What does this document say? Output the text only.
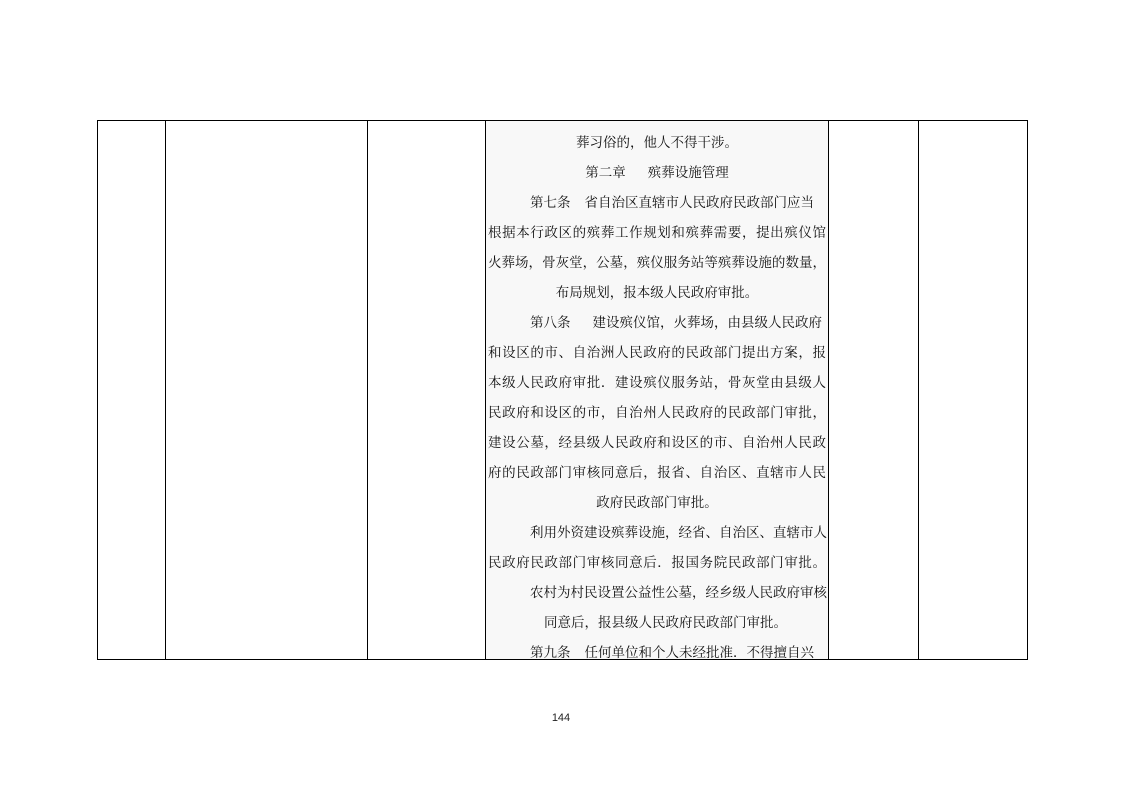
葬习俗的，他人不得干涉。
第二章 殡葬设施管理
第七条 省自治区直辖市人民政府民政部门应当
根据本行政区的殡葬工作规划和殡葬需要，提出殡仪馆
火葬场，骨灰堂，公墓，殡仪服务站等殡葬设施的数量，
布局规划，报本级人民政府审批。
第八条 建设殡仪馆，火葬场，由县级人民政府
和设区的市、自治洲人民政府的民政部门提出方案，报
本级人民政府审批．建设殡仪服务站，骨灰堂由县级人
民政府和设区的市，自治州人民政府的民政部门审批，
建设公墓，经县级人民政府和设区的市、自治州人民政
府的民政部门审核同意后，报省、自治区、直辖市人民
政府民政部门审批。
利用外资建设殡葬设施，经省、自治区、直辖市人
民政府民政部门审核同意后．报国务院民政部门审批。
农村为村民设置公益性公墓，经乡级人民政府审核
同意后，报县级人民政府民政部门审批。
第九条 任何单位和个人未经批准．不得擅自兴
144
